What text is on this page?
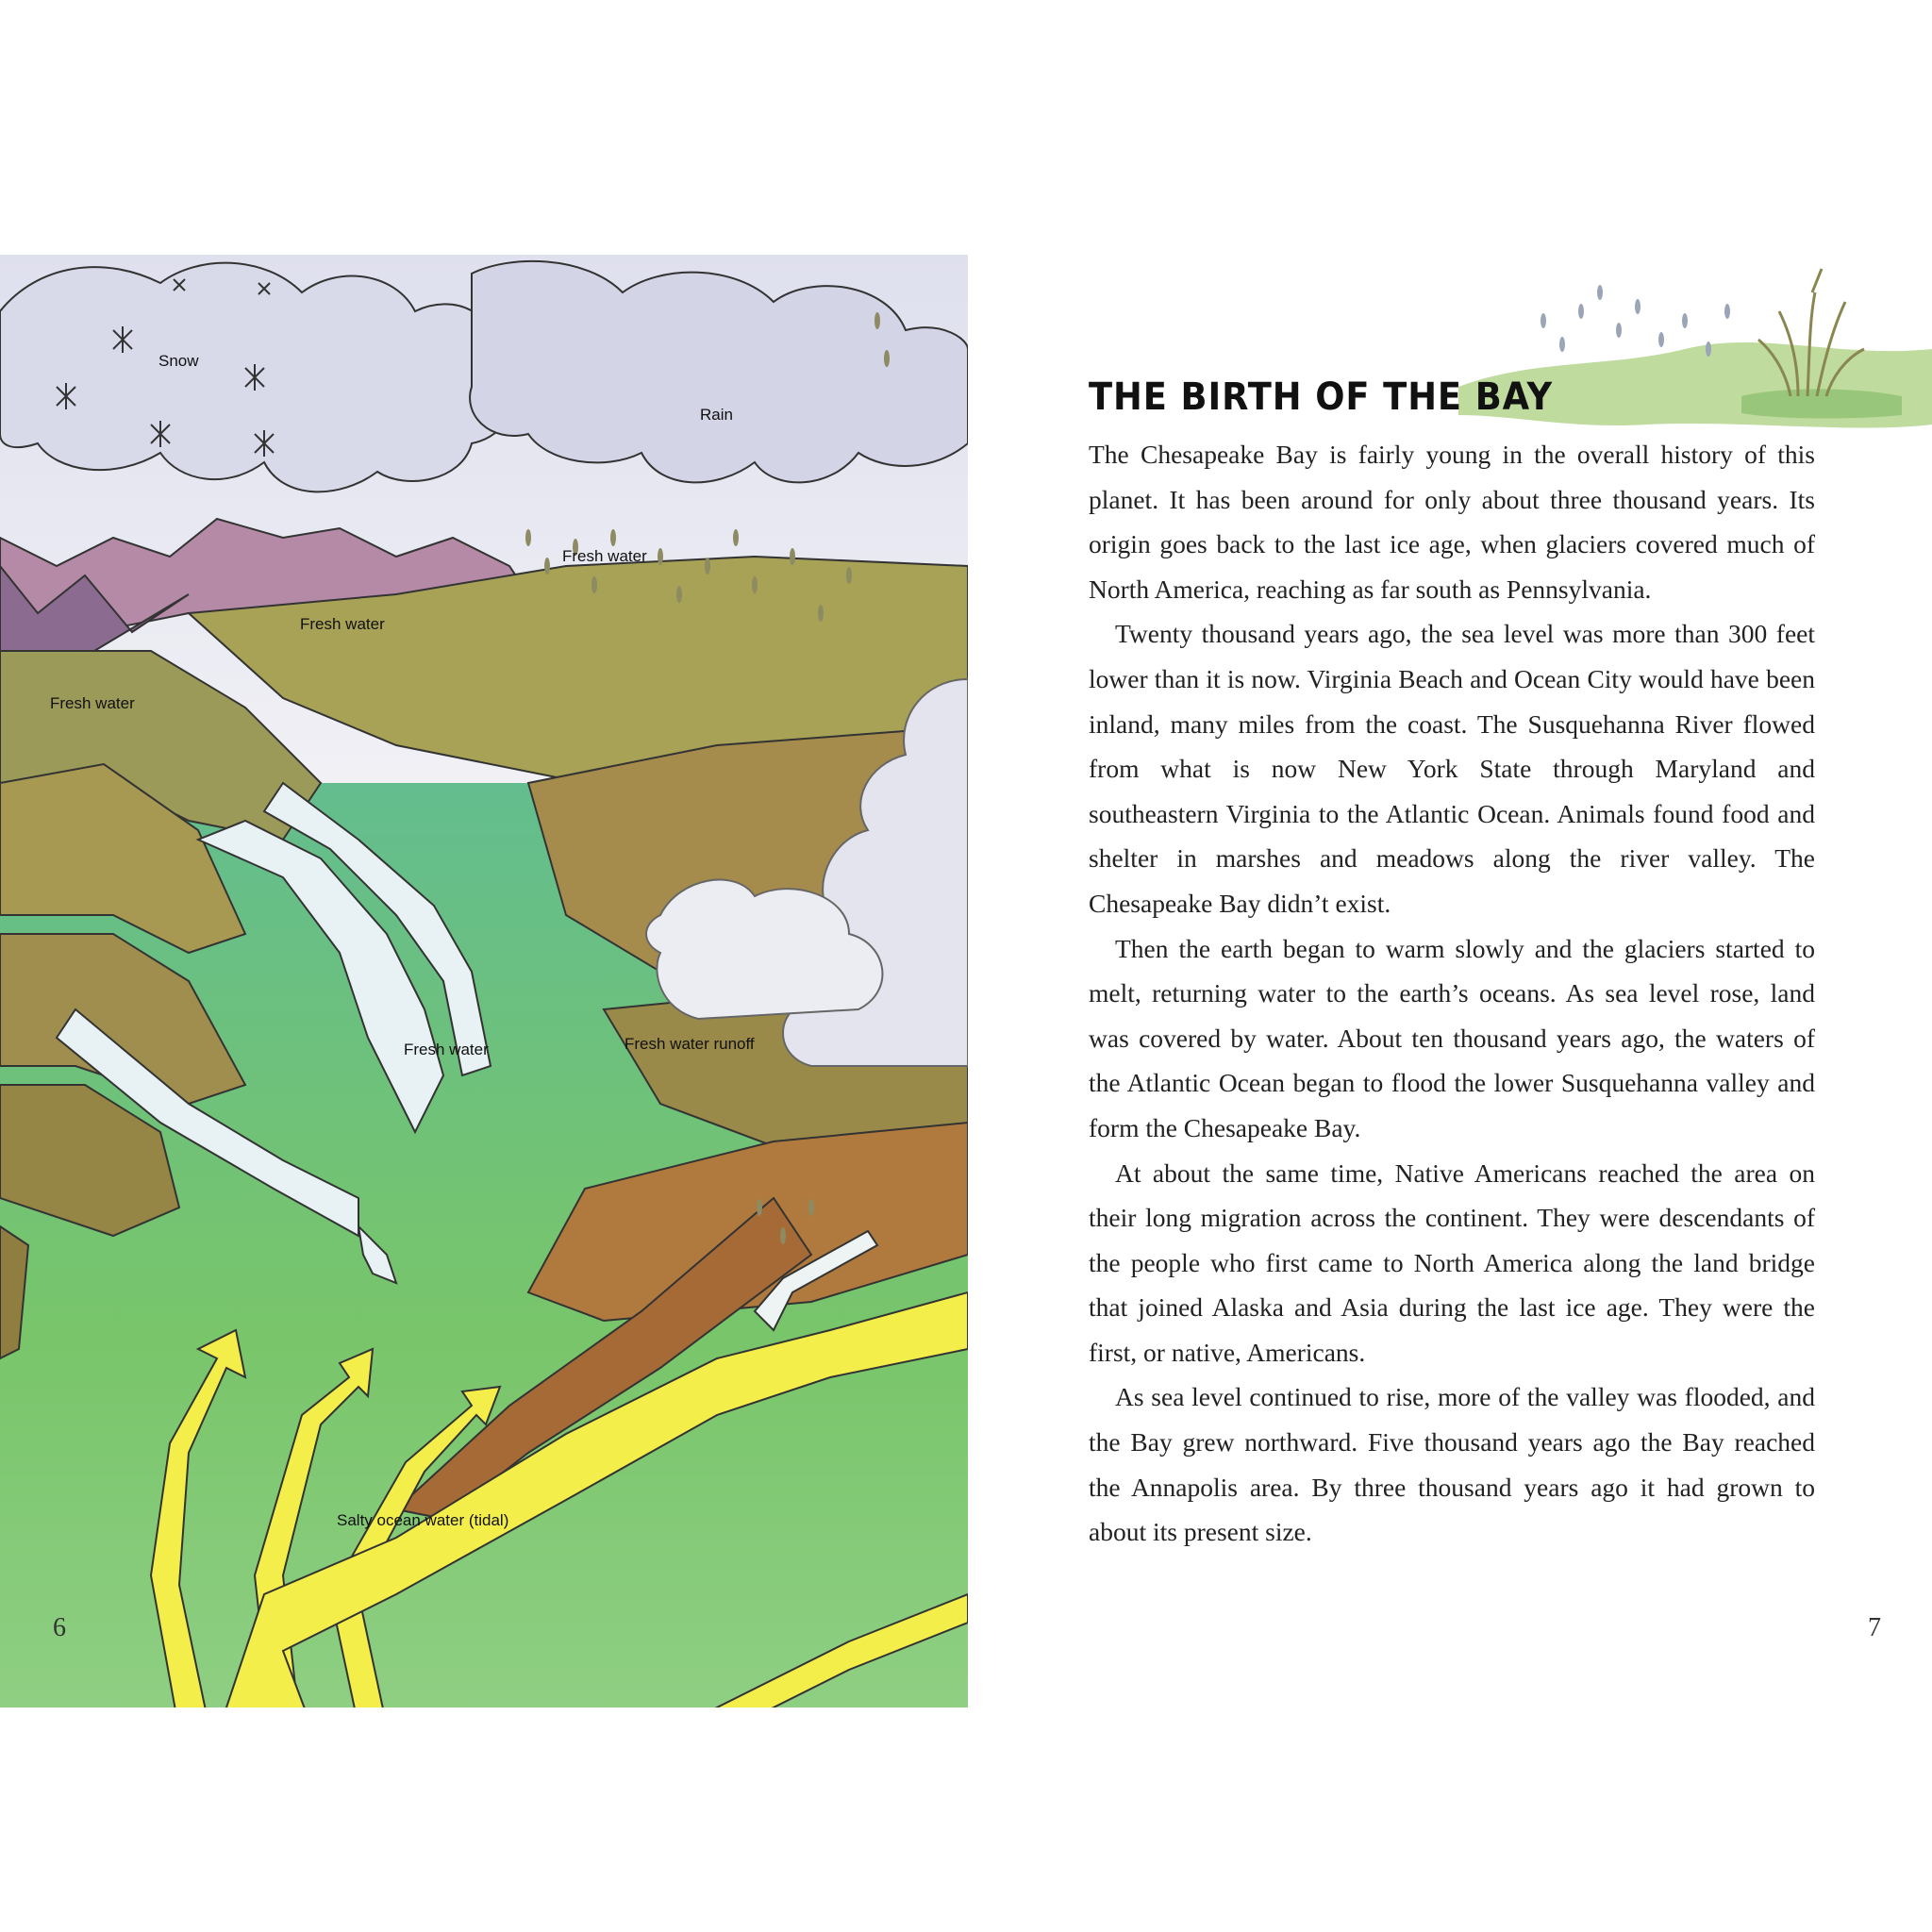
Snow
Rain
Fresh water
Fresh water
Fresh water
Fresh water	Fresh water runoff
Salty ocean water (tidal)
6
THE BIRTH OF THE BAY

The Chesapeake Bay is fairly young in the overall history of this planet. It has been around for only about three thousand years. Its origin goes back to the last ice age, when glaciers covered much of North America, reaching as far south as Pennsylvania.

Twenty thousand years ago, the sea level was more than 300 feet lower than it is now. Virginia Beach and Ocean City would have been inland, many miles from the coast. The Susquehanna River flowed from what is now New York State through Maryland and southeastern Virginia to the Atlantic Ocean. Animals found food and shelter in marshes and meadows along the river valley. The Chesapeake Bay didn’t exist.

Then the earth began to warm slowly and the glaciers started to melt, returning water to the earth’s oceans. As sea level rose, land was covered by water. About ten thousand years ago, the waters of the Atlantic Ocean began to flood the lower Susquehanna valley and form the Chesapeake Bay.

At about the same time, Native Americans reached the area on their long migration across the continent. They were descendants of the people who first came to North America along the land bridge that joined Alaska and Asia during the last ice age. They were the first, or native, Americans.

As sea level continued to rise, more of the valley was flooded, and the Bay grew northward. Five thousand years ago the Bay reached the Annapolis area. By three thousand years ago it had grown to about its present size.

7
